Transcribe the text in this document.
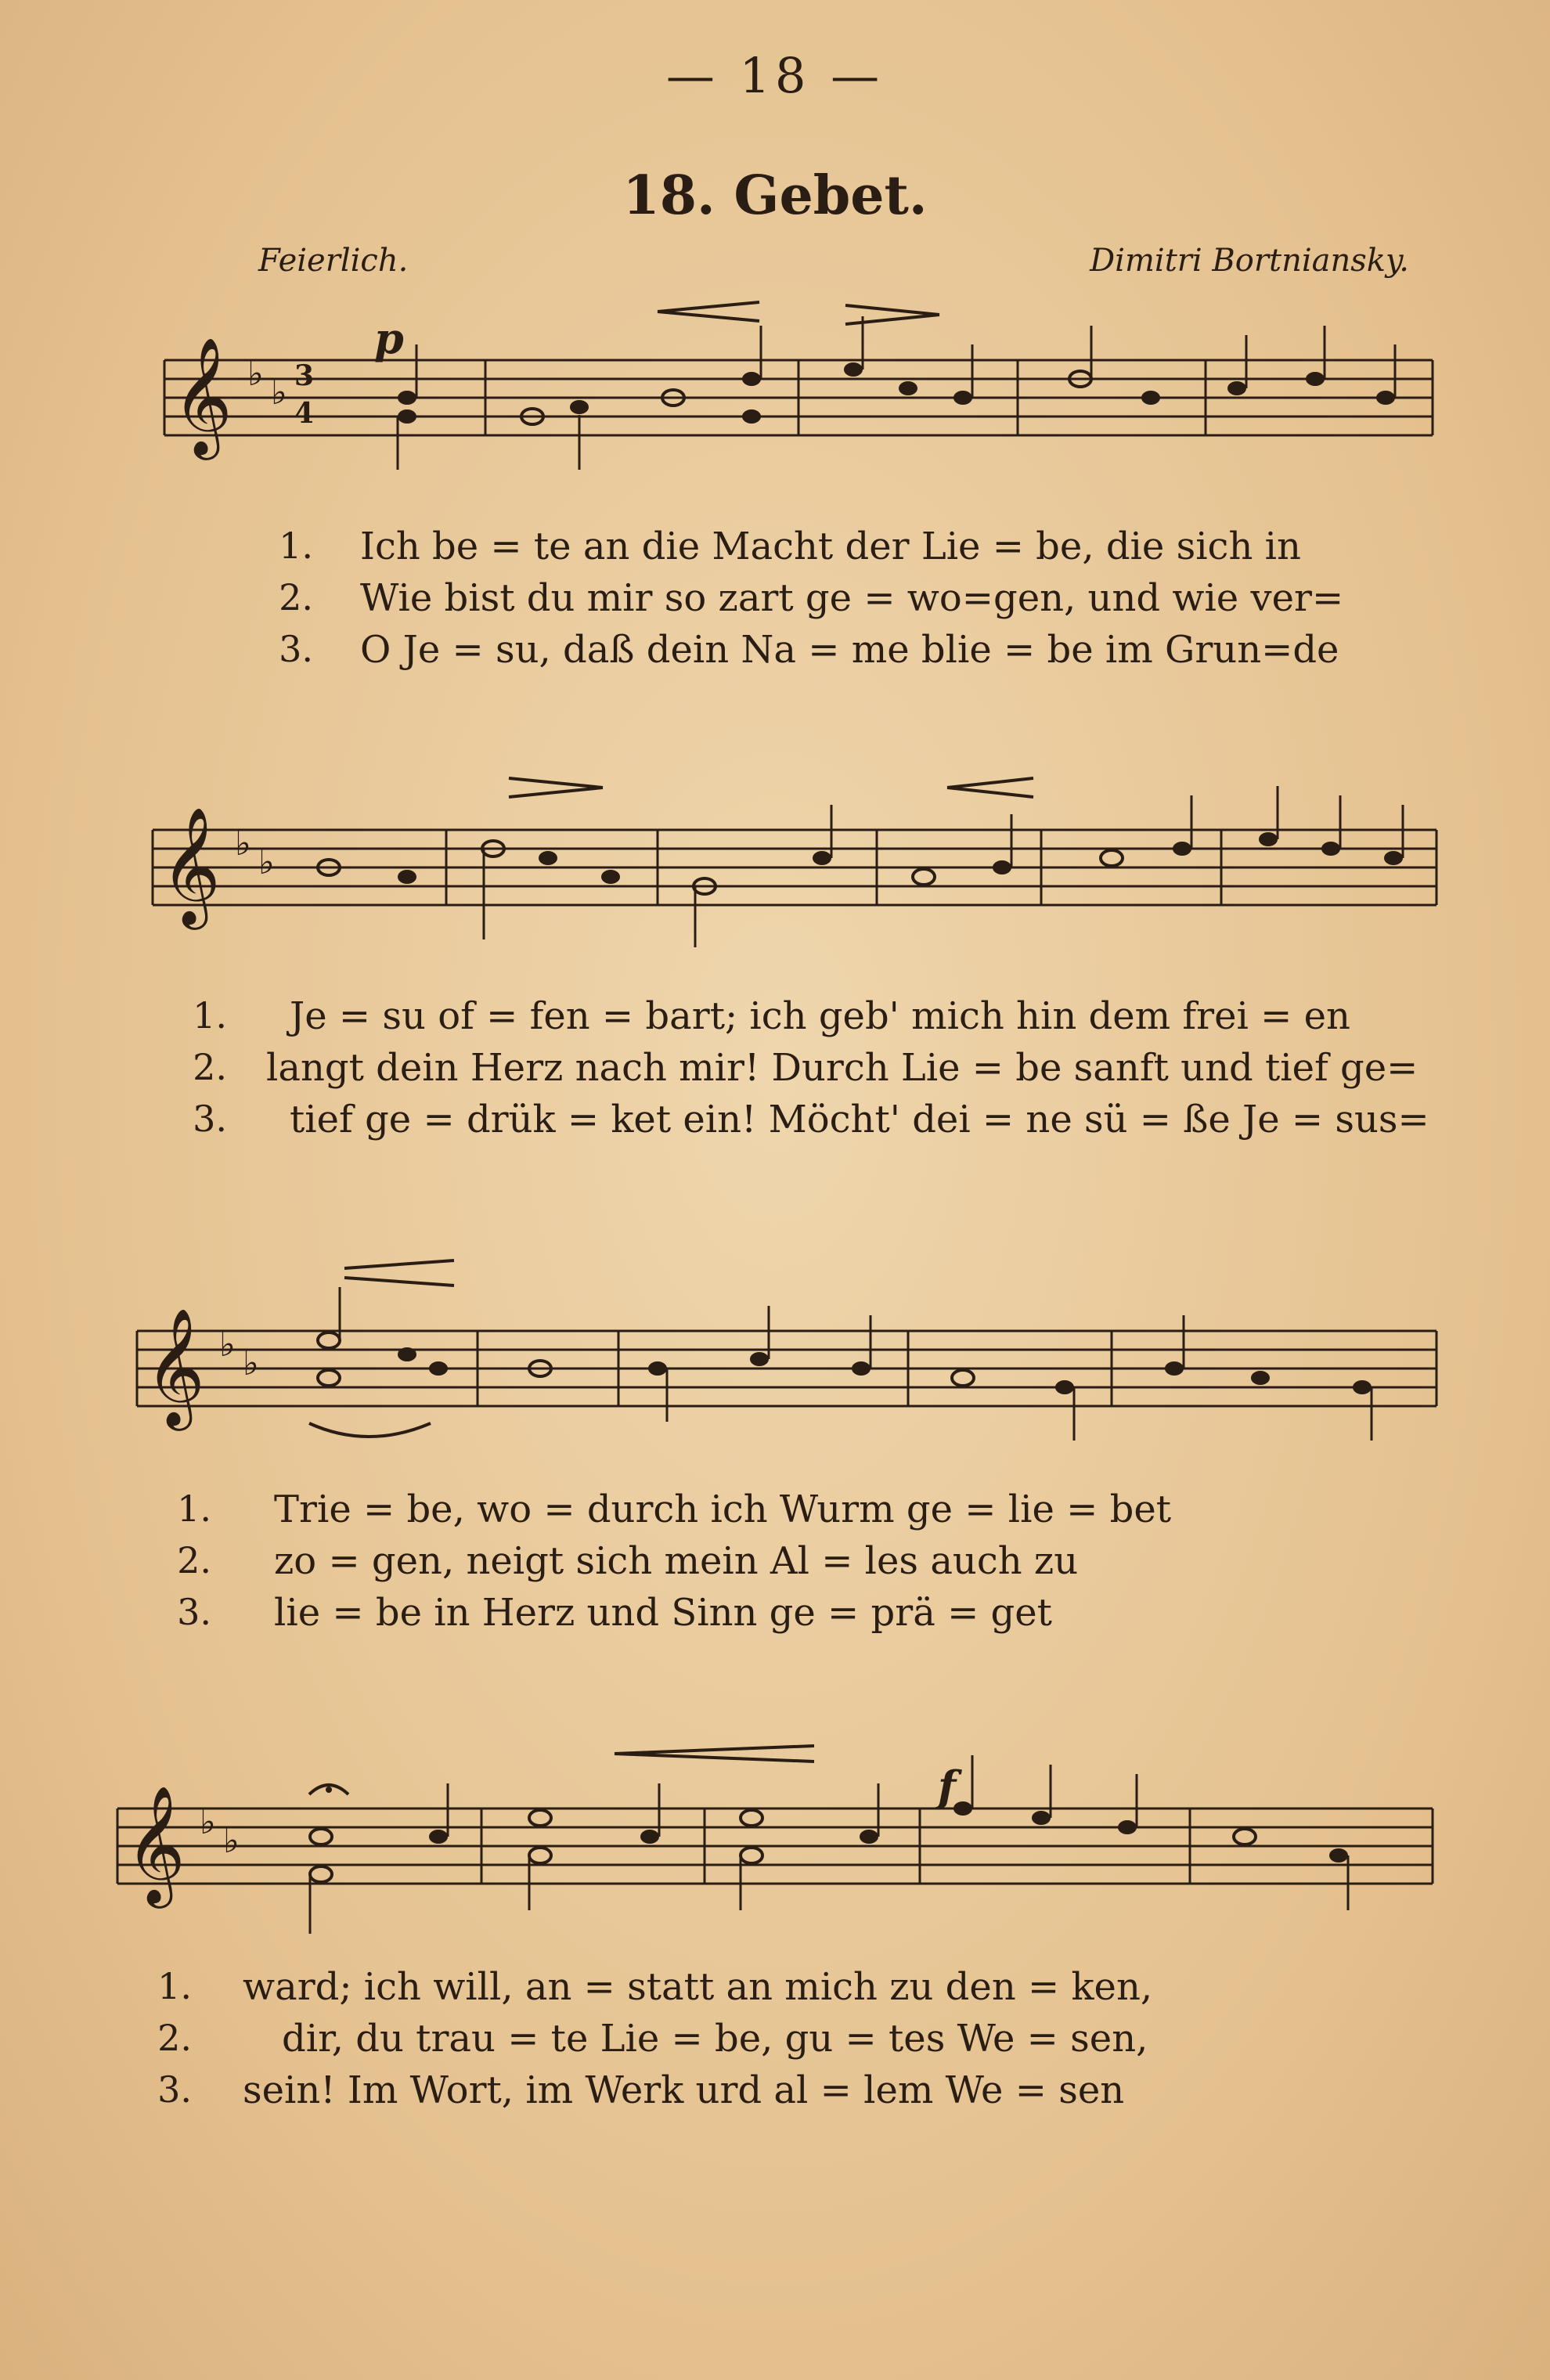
— 18 —
18. Gebet.
Feierlich.	Dimitri Bortniansky.
𝄞 ♭ ♭ 3
4
p
1. Ich be = te an die Macht der Lie = be, die sich in
2. Wie bist du mir so zart ge = wo=gen, und wie ver=
3. O Je = su, daß dein Na = me blie = be im Grun=de
𝄞 ♭ ♭
1. Je = su of = fen = bart; ich geb' mich hin dem frei = en
2. langt dein Herz nach mir! Durch Lie = be sanft und tief ge=
3. tief ge = drük = ket ein! Möcht' dei = ne sü = ße Je = sus=
𝄞 ♭ ♭
1. Trie = be, wo = durch ich Wurm ge = lie = bet
2. zo = gen, neigt sich mein Al = les auch zu
3. lie = be in Herz und Sinn ge = prä = get
𝄞 ♭ ♭
f
1. ward; ich will, an = statt an mich zu den = ken,
2. dir, du trau = te Lie = be, gu = tes We = sen,
3. sein! Im Wort, im Werk urd al = lem We = sen
